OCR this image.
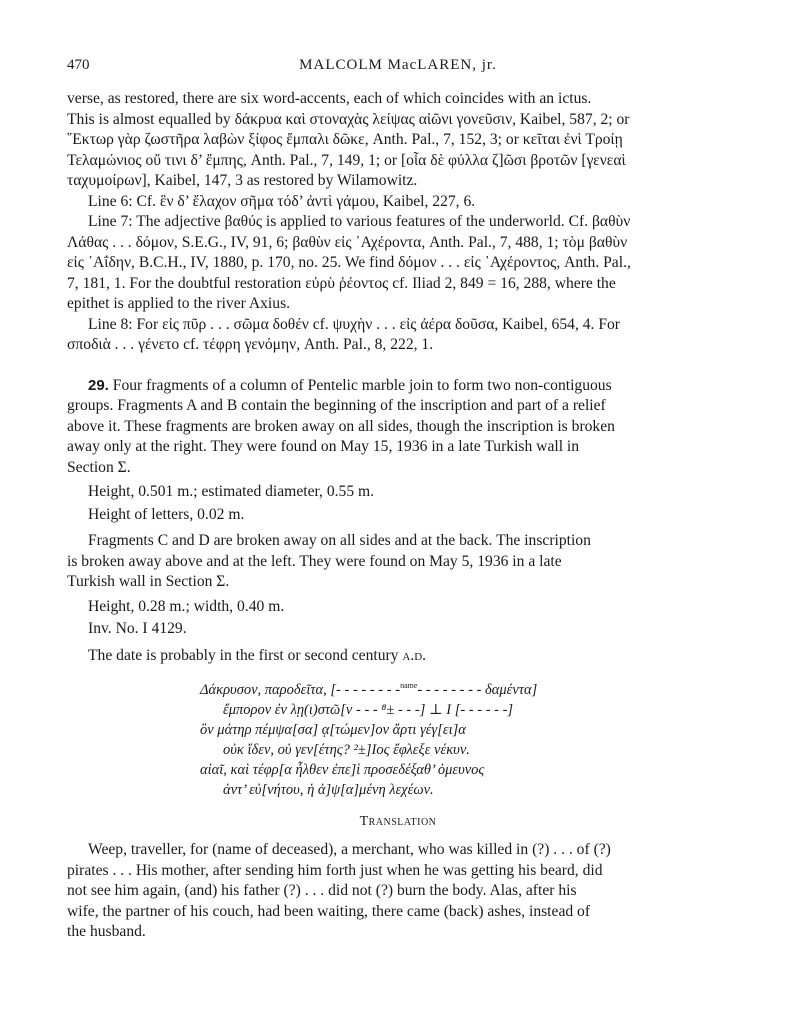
470	MALCOLM MacLAREN, jr.

verse, as restored, there are six word-accents, each of which coincides with an ictus.

This is almost equalled by δάκρυα καὶ στοναχὰς λείψας αἰῶνι γονεῦσιν, Kaibel, 587, 2; or

῞Εκτωρ γὰρ ζωστῆρα λαβὼν ξίφος ἔμπαλι δῶκε, Anth. Pal., 7, 152, 3; or κεῖται ἐνὶ Τροίῃ

Τελαμώνιος οὔ τινι δ’ ἔμπης, Anth. Pal., 7, 149, 1; or [οἷα δὲ φύλλα ζ]ῶσι βροτῶν [γενεαὶ

ταχυμοίρων], Kaibel, 147, 3 as restored by Wilamowitz.

Line 6: Cf. ἓν δ’ ἔλαχον σῆμα τόδ’ ἀντὶ γάμου, Kaibel, 227, 6.

Line 7: The adjective βαθύς is applied to various features of the underworld. Cf. βαθὺν

Λάθας . . . δόμον, S.E.G., IV, 91, 6; βαθὺν εἰς ᾿Αχέροντα, Anth. Pal., 7, 488, 1; τὸμ βαθὺν

εἰς ᾿Αΐδην, B.C.H., IV, 1880, p. 170, no. 25. We find δόμον . . . εἰς ᾿Αχέροντος, Anth. Pal.,

7, 181, 1. For the doubtful restoration εὐρὺ ῥέοντος cf. Iliad 2, 849 = 16, 288, where the

epithet is applied to the river Axius.

Line 8: For εἰς πῦρ . . . σῶμα δοθέν cf. ψυχὴν . . . εἰς ἀέρα δοῦσα, Kaibel, 654, 4. For

σποδιὰ . . . γένετο cf. τέφρη γενόμην, Anth. Pal., 8, 222, 1.

29. Four fragments of a column of Pentelic marble join to form two non-contiguous

groups. Fragments A and B contain the beginning of the inscription and part of a relief

above it. These fragments are broken away on all sides, though the inscription is broken

away only at the right. They were found on May 15, 1936 in a late Turkish wall in

Section Σ.

Height, 0.501 m.; estimated diameter, 0.55 m.

Height of letters, 0.02 m.

Fragments C and D are broken away on all sides and at the back. The inscription

is broken away above and at the left. They were found on May 5, 1936 in a late

Turkish wall in Section Σ.

Height, 0.28 m.; width, 0.40 m.

Inv. No. I 4129.

The date is probably in the first or second century a.d.

Δάκρυσον, παροδεῖτα, [- - - - - - - -$^{name}$- - - - - - - - δαμέντα]
ἔμπορον ἐν λῃ(ι)στῶ[ν - - - ⁸± - - -] ⊥ I [- - - - - -]
ὃν μάτηρ πέμψα[σα] ᾳ[τώμεν]ον ἄρτι γέγ[ει]α
οὐκ ἴδεν, οὐ γεν[έτης? ²±]Ιος ἔφλεξε νέκυν.
αἰαῖ, καὶ τέφρ[α ἦλθεν ἐπε]ὶ προσεδέξαθ’ ὁμευνος
ἀντ’ εὐ[νήτου, ἡ ἀ]ψ[α]μένη λεχέων.
Translation

Weep, traveller, for (name of deceased), a merchant, who was killed in (?) . . . of (?)

pirates . . . His mother, after sending him forth just when he was getting his beard, did

not see him again, (and) his father (?) . . . did not (?) burn the body. Alas, after his

wife, the partner of his couch, had been waiting, there came (back) ashes, instead of

the husband.
